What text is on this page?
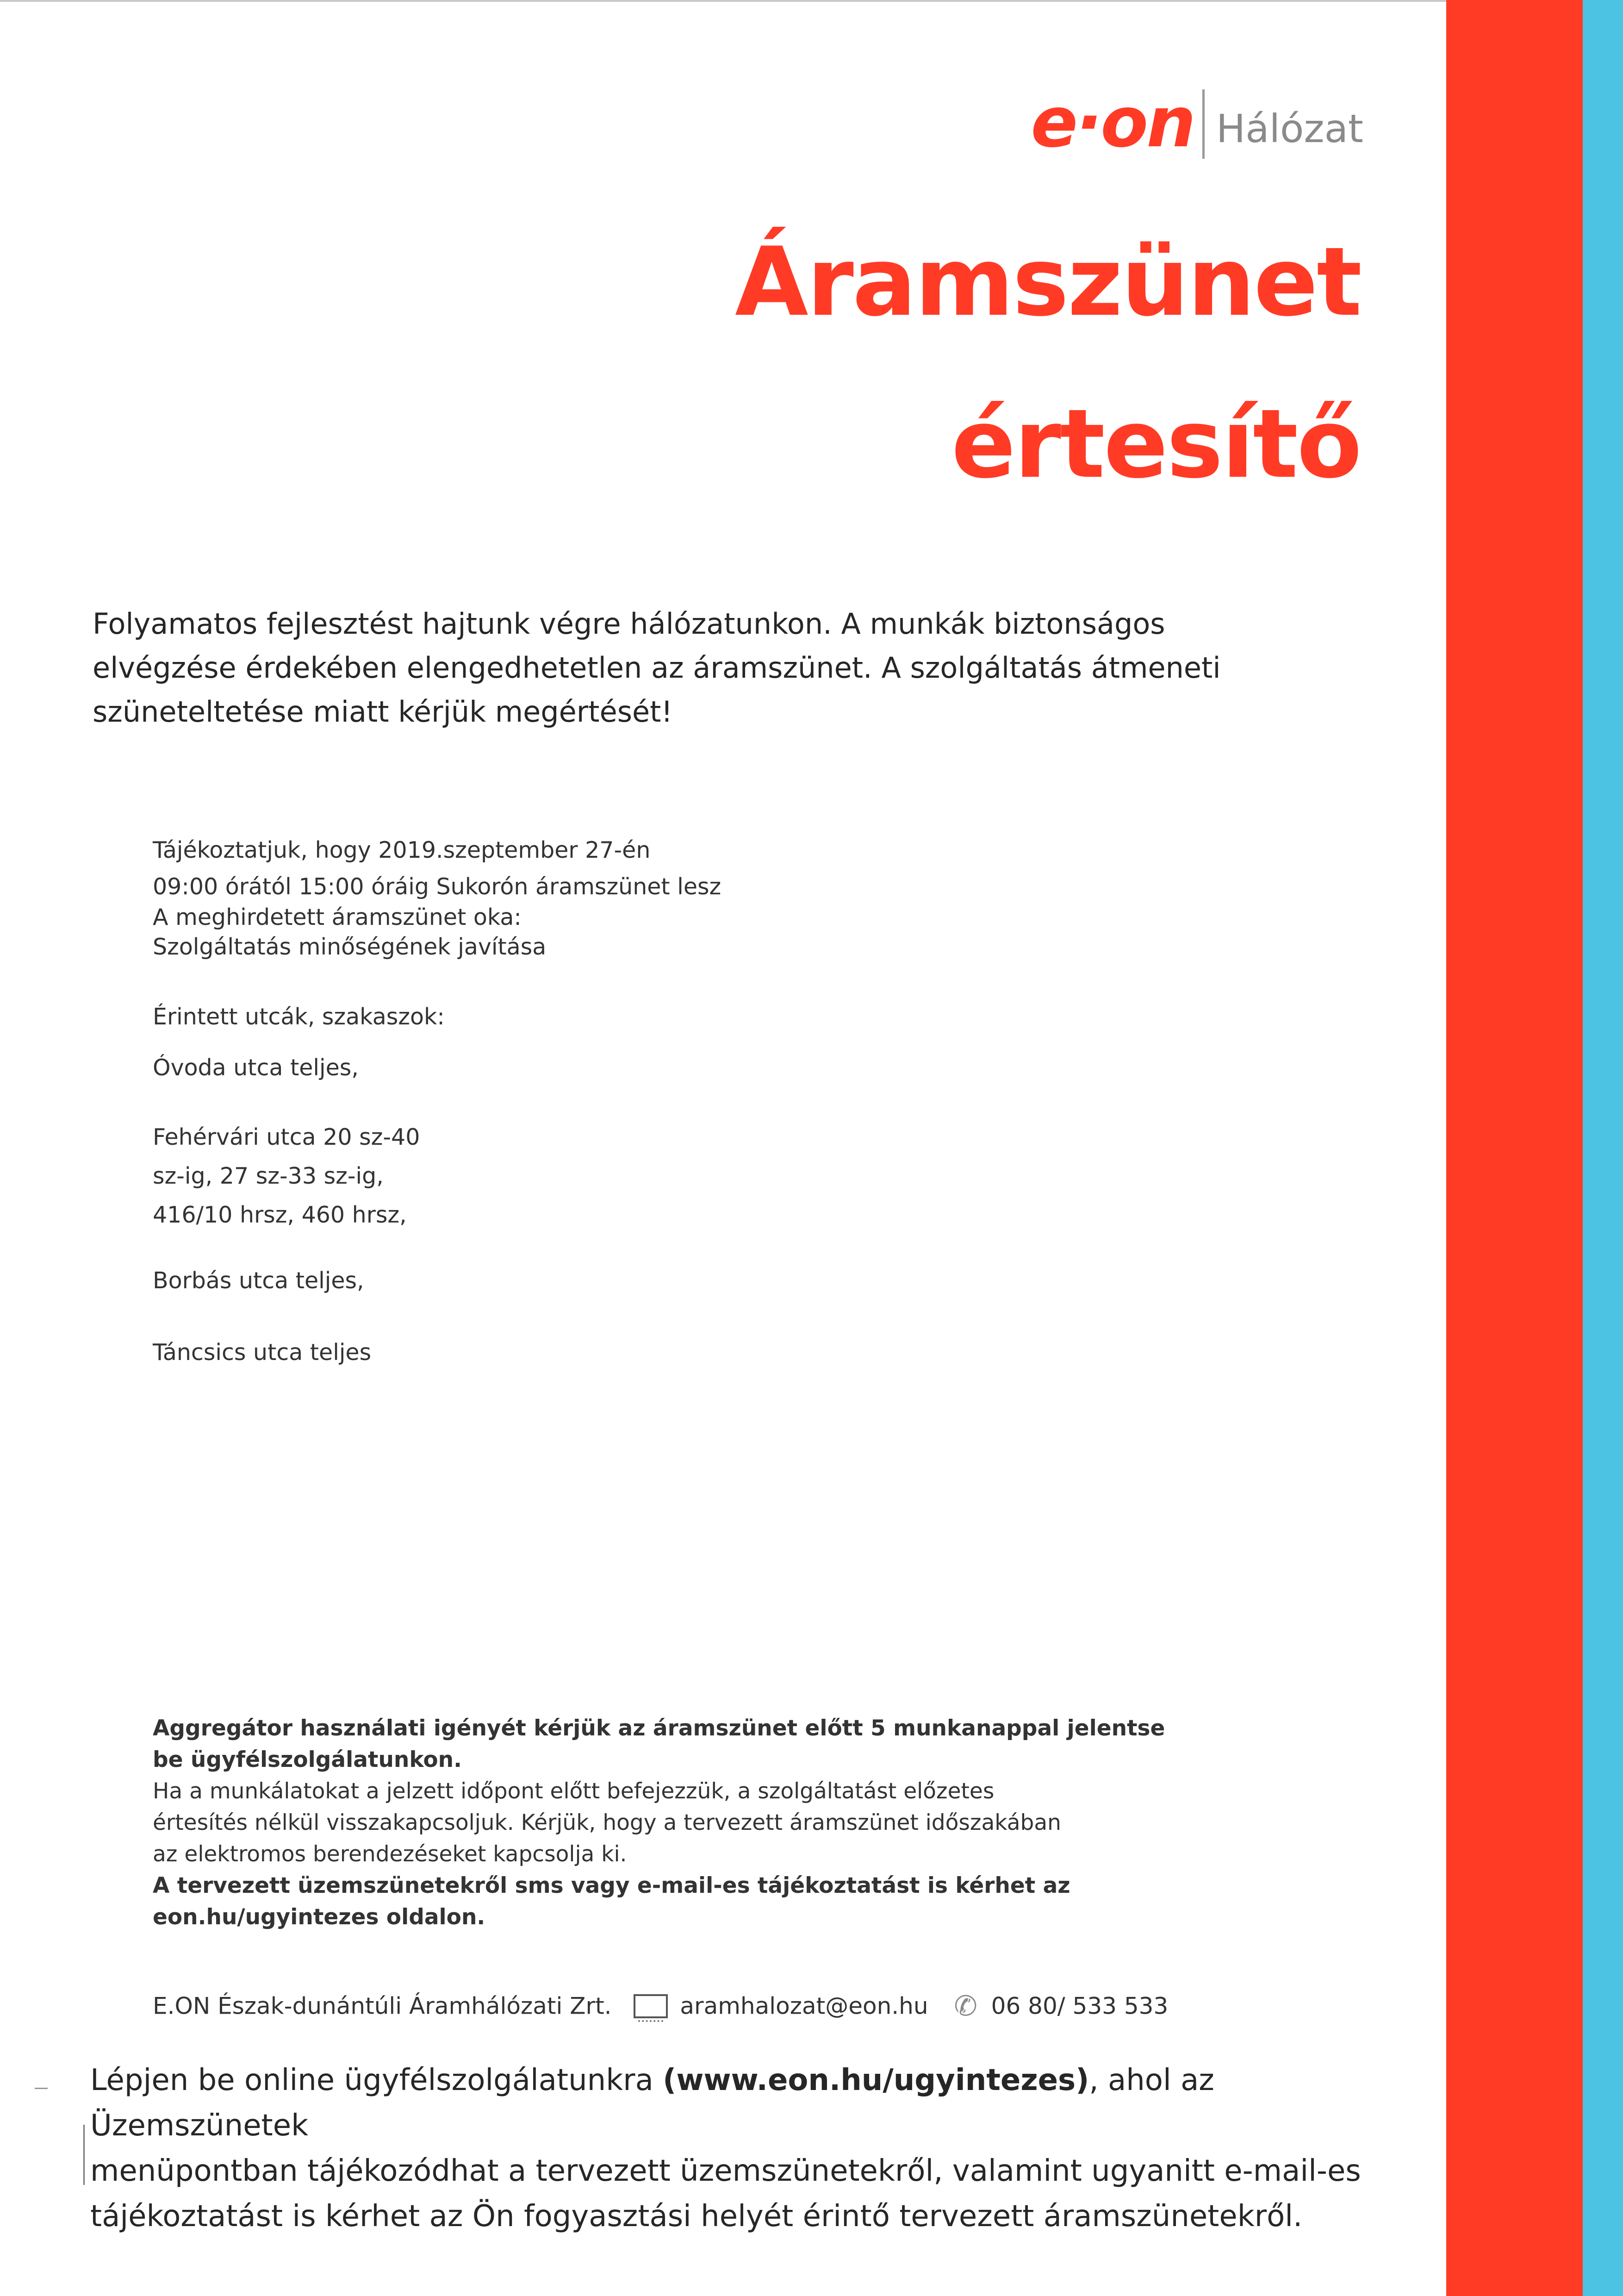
e·on Hálózat
Áramszünet
értesítő
Folyamatos fejlesztést hajtunk végre hálózatunkon. A munkák biztonságos
elvégzése érdekében elengedhetetlen az áramszünet. A szolgáltatás átmeneti
szüneteltetése miatt kérjük megértését!
Tájékoztatjuk, hogy 2019.szeptember 27-én
09:00 órától 15:00 óráig Sukorón áramszünet lesz
A meghirdetett áramszünet oka:
Szolgáltatás minőségének javítása
Érintett utcák, szakaszok:
Óvoda utca teljes,
Fehérvári utca 20 sz-40
sz-ig, 27 sz-33 sz-ig,
416/10 hrsz, 460 hrsz,
Borbás utca teljes,
Táncsics utca teljes
Aggregátor használati igényét kérjük az áramszünet előtt 5 munkanappal jelentse
be ügyfélszolgálatunkon.
Ha a munkálatokat a jelzett időpont előtt befejezzük, a szolgáltatást előzetes
értesítés nélkül visszakapcsoljuk. Kérjük, hogy a tervezett áramszünet időszakában
az elektromos berendezéseket kapcsolja ki.
A tervezett üzemszünetekről sms vagy e-mail-es tájékoztatást is kérhet az
eon.hu/ugyintezes oldalon.
E.ON Észak-dunántúli Áramhálózati Zrt.	aramhalozat@eon.hu ✆ 06 80/ 533 533
Lépjen be online ügyfélszolgálatunkra (www.eon.hu/ugyintezes), ahol az Üzemszünetek
menüpontban tájékozódhat a tervezett üzemszünetekről, valamint ugyanitt e-mail-es
tájékoztatást is kérhet az Ön fogyasztási helyét érintő tervezett áramszünetekről.
